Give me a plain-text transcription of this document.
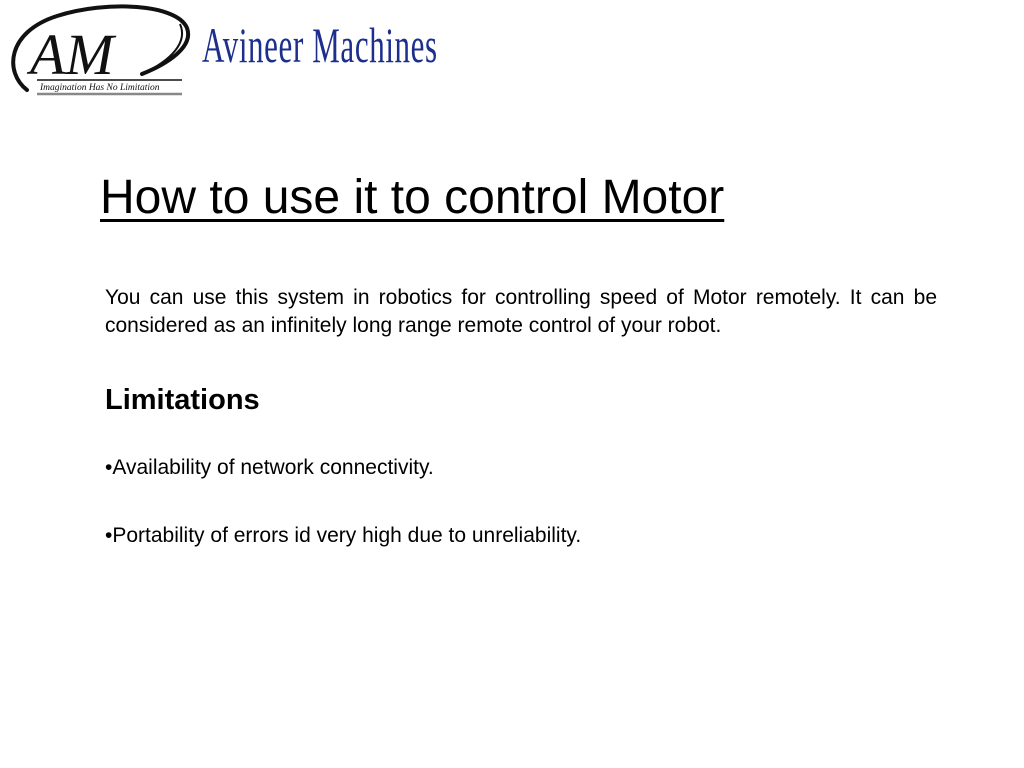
AM
Imagination Has No Limitation
Avineer Machines
How to use it to control Motor

You can use this system in robotics for controlling speed of Motor remotely. It can be considered as an infinitely long range remote control of your robot.

Limitations
•Availability of network connectivity.
•Portability of errors id very high due to unreliability.
